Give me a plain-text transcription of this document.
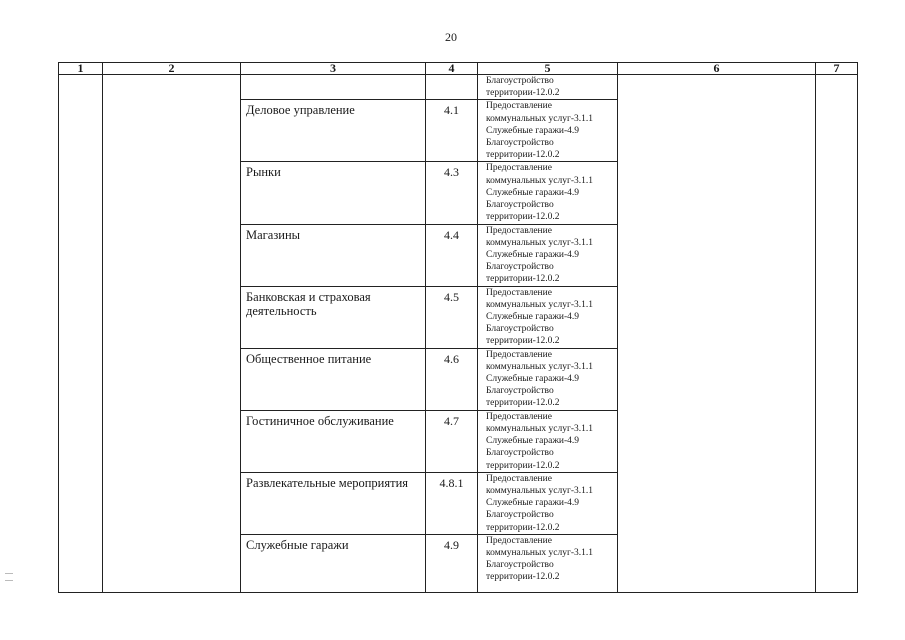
20
1	2	3	4	5	6	7

				Благоустройство
территории-12.0.2		

		Деловое управление	4.1	Предоставление
коммунальных услуг-3.1.1
Служебные гаражи-4.9
Благоустройство
территории-12.0.2		

		Рынки	4.3	Предоставление
коммунальных услуг-3.1.1
Служебные гаражи-4.9
Благоустройство
территории-12.0.2		

		Магазины	4.4	Предоставление
коммунальных услуг-3.1.1
Служебные гаражи-4.9
Благоустройство
территории-12.0.2		

		Банковская и страховая деятельность	4.5	Предоставление
коммунальных услуг-3.1.1
Служебные гаражи-4.9
Благоустройство
территории-12.0.2		

		Общественное питание	4.6	Предоставление
коммунальных услуг-3.1.1
Служебные гаражи-4.9
Благоустройство
территории-12.0.2		

		Гостиничное обслуживание	4.7	Предоставление
коммунальных услуг-3.1.1
Служебные гаражи-4.9
Благоустройство
территории-12.0.2		

		Развлекательные мероприятия	4.8.1	Предоставление
коммунальных услуг-3.1.1
Служебные гаражи-4.9
Благоустройство
территории-12.0.2		

		Служебные гаражи	4.9	Предоставление
коммунальных услуг-3.1.1
Благоустройство
территории-12.0.2		
